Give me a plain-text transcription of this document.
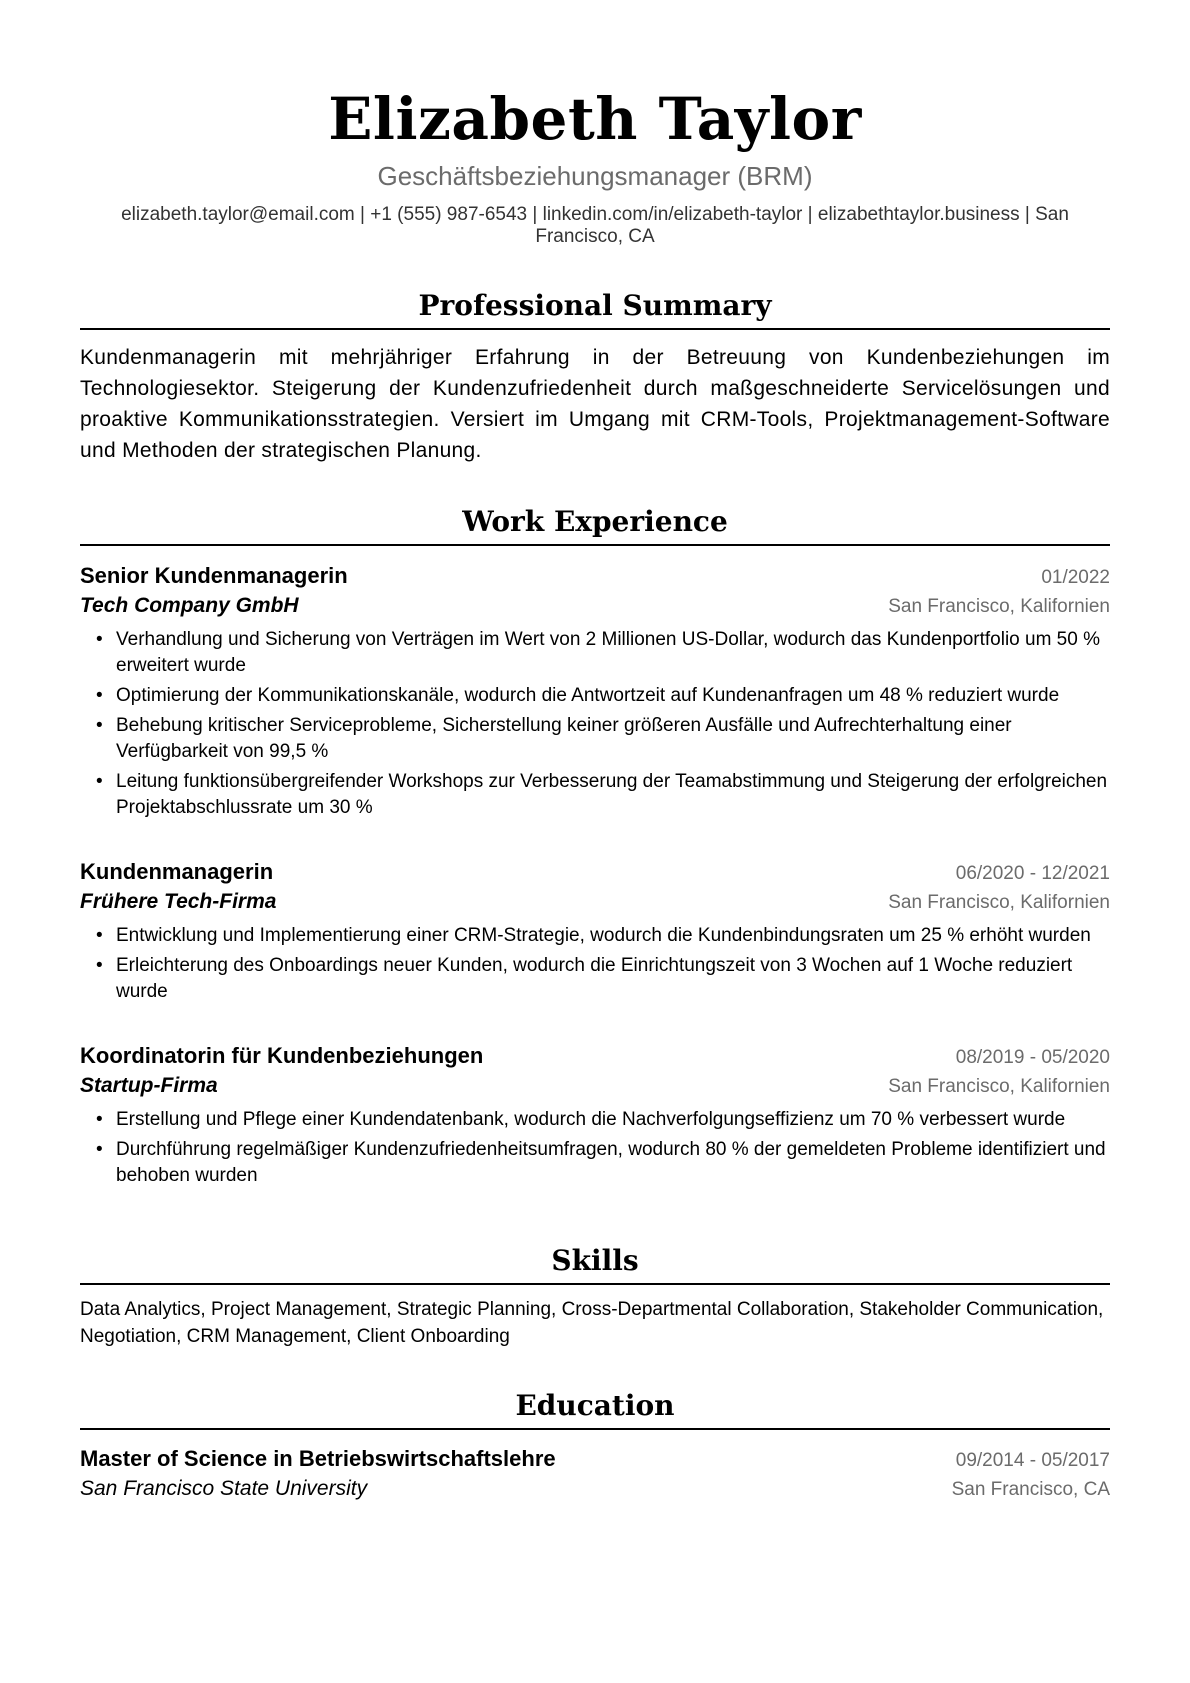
Elizabeth Taylor
Geschäftsbeziehungsmanager (BRM)
elizabeth.taylor@email.com | +1 (555) 987-6543 | linkedin.com/in/elizabeth-taylor | elizabethtaylor.business | San Francisco, CA
Professional Summary
Kundenmanagerin mit mehrjähriger Erfahrung in der Betreuung von Kundenbeziehungen im Technologiesektor. Steigerung der Kundenzufriedenheit durch maßgeschneiderte Servicelösungen und proaktive Kommunikationsstrategien. Versiert im Umgang mit CRM-Tools, Projektmanagement-Software und Methoden der strategischen Planung.
Work Experience
Senior Kundenmanagerin	01/2022
Tech Company GmbH	San Francisco, Kalifornien
• Verhandlung und Sicherung von Verträgen im Wert von 2 Millionen US-Dollar, wodurch das Kundenportfolio um 50 % erweitert wurde
• Optimierung der Kommunikationskanäle, wodurch die Antwortzeit auf Kundenanfragen um 48 % reduziert wurde
• Behebung kritischer Serviceprobleme, Sicherstellung keiner größeren Ausfälle und Aufrechterhaltung einer Verfügbarkeit von 99,5 %
• Leitung funktionsübergreifender Workshops zur Verbesserung der Teamabstimmung und Steigerung der erfolgreichen Projektabschlussrate um 30 %
Kundenmanagerin	06/2020 - 12/2021
Frühere Tech-Firma	San Francisco, Kalifornien
• Entwicklung und Implementierung einer CRM-Strategie, wodurch die Kundenbindungsraten um 25 % erhöht wurden
• Erleichterung des Onboardings neuer Kunden, wodurch die Einrichtungszeit von 3 Wochen auf 1 Woche reduziert wurde
Koordinatorin für Kundenbeziehungen	08/2019 - 05/2020
Startup-Firma	San Francisco, Kalifornien
• Erstellung und Pflege einer Kundendatenbank, wodurch die Nachverfolgungseffizienz um 70 % verbessert wurde
• Durchführung regelmäßiger Kundenzufriedenheitsumfragen, wodurch 80 % der gemeldeten Probleme identifiziert und behoben wurden
Skills
Data Analytics, Project Management, Strategic Planning, Cross-Departmental Collaboration, Stakeholder Communication, Negotiation, CRM Management, Client Onboarding
Education
Master of Science in Betriebswirtschaftslehre	09/2014 - 05/2017
San Francisco State University	San Francisco, CA
